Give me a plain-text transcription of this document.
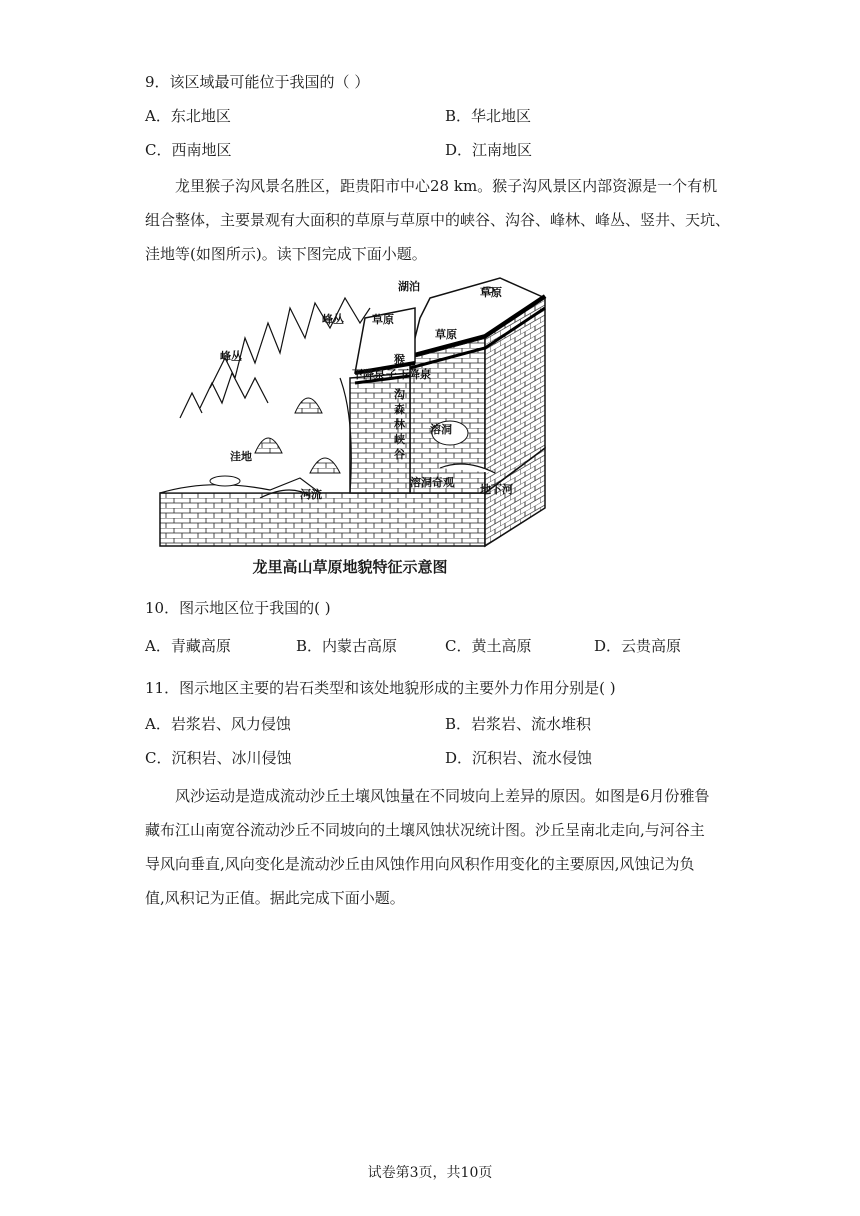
9．该区域最可能位于我国的（ ）
A．东北地区	B．华北地区
C．西南地区	D．江南地区
龙里猴子沟风景名胜区，距贵阳市中心28 km。猴子沟风景区内部资源是一个有机
组合整体，主要景观有大面积的草原与草原中的峡谷、沟谷、峰林、峰丛、竖井、天坑、
洼地等(如图所示)。读下图完成下面小题。
湖泊	草原
草原
草原
峰丛
峰丛	猴
下降泉 子 下降泉
沟
森
林
峡
谷
溶洞
洼地
河流
溶洞奇观
地下河
龙里高山草原地貌特征示意图
10．图示地区位于我国的( )
A．青藏高原	B．内蒙古高原	C．黄土高原	D．云贵高原
11．图示地区主要的岩石类型和该处地貌形成的主要外力作用分别是( )
A．岩浆岩、风力侵蚀	B．岩浆岩、流水堆积
C．沉积岩、冰川侵蚀	D．沉积岩、流水侵蚀
风沙运动是造成流动沙丘土壤风蚀量在不同坡向上差异的原因。如图是6月份雅鲁
藏布江山南宽谷流动沙丘不同坡向的土壤风蚀状况统计图。沙丘呈南北走向,与河谷主
导风向垂直,风向变化是流动沙丘由风蚀作用向风积作用变化的主要原因,风蚀记为负
值,风积记为正值。据此完成下面小题。
试卷第3页，共10页
